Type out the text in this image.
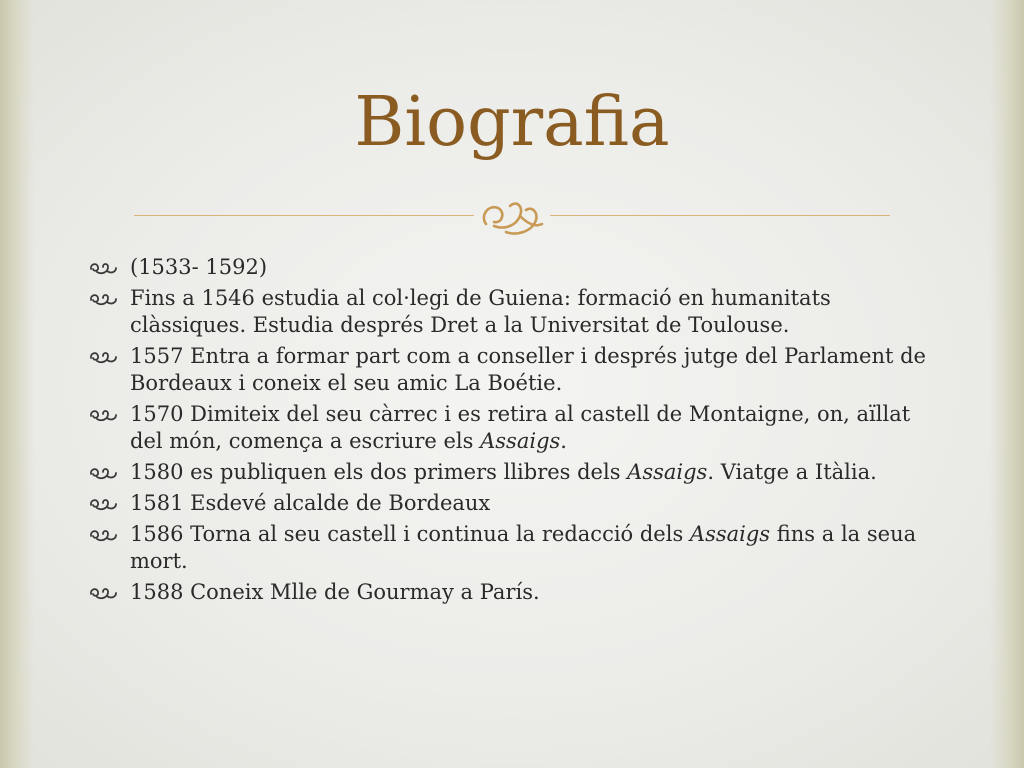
Biografia
(1533- 1592)
Fins a 1546 estudia al col·legi de Guiena: formació en humanitats clàssiques. Estudia després Dret a la Universitat de Toulouse.
1557 Entra a formar part com a conseller i després jutge del Parlament de Bordeaux i coneix el seu amic La Boétie.
1570 Dimiteix del seu càrrec i es retira al castell de Montaigne, on, aïllat del món, comença a escriure els Assaigs.
1580 es publiquen els dos primers llibres dels Assaigs. Viatge a Itàlia.
1581 Esdevé alcalde de Bordeaux
1586 Torna al seu castell i continua la redacció dels Assaigs fins a la seua mort.
1588 Coneix Mlle de Gourmay a París.
